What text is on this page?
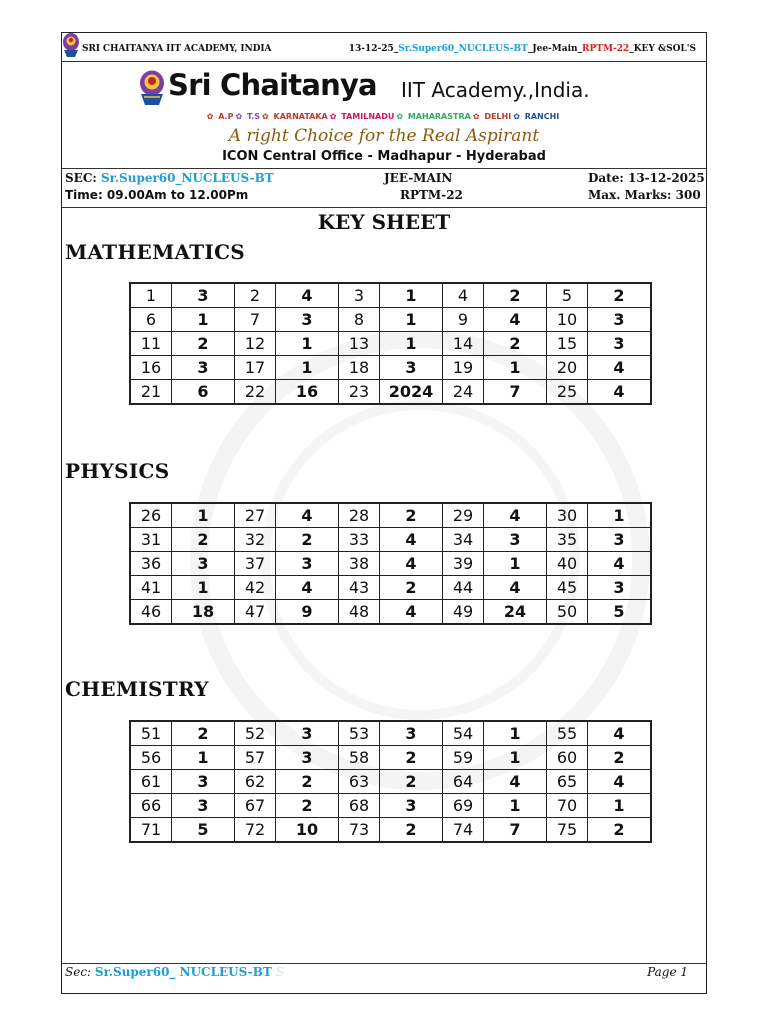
SRI CHAITANYA IIT ACADEMY, INDIA	13-12-25_Sr.Super60_NUCLEUS-BT_Jee-Main_RPTM-22_KEY &SOL'S
Sri Chaitanya IIT Academy.,India.
✿ A.P ✿ T.S ✿ KARNATAKA ✿ TAMILNADU ✿ MAHARASTRA ✿ DELHI ✿ RANCHI
A right Choice for the Real Aspirant
ICON Central Office - Madhapur - Hyderabad
SEC: Sr.Super60_NUCLEUS-BT
Time: 09.00Am to 12.00Pm
JEE-MAIN
RPTM-22
Date: 13-12-2025
Max. Marks: 300
KEY SHEET
MATHEMATICS
1	3	2	4	3	1	4	2	5	2
6	1	7	3	8	1	9	4	10	3
11	2	12	1	13	1	14	2	15	3
16	3	17	1	18	3	19	1	20	4
21	6	22	16	23	2024	24	7	25	4
PHYSICS
26	1	27	4	28	2	29	4	30	1
31	2	32	2	33	4	34	3	35	3
36	3	37	3	38	4	39	1	40	4
41	1	42	4	43	2	44	4	45	3
46	18	47	9	48	4	49	24	50	5
CHEMISTRY
51	2	52	3	53	3	54	1	55	4
56	1	57	3	58	2	59	1	60	2
61	3	62	2	63	2	64	4	65	4
66	3	67	2	68	3	69	1	70	1
71	5	72	10	73	2	74	7	75	2
Sec: Sr.Super60_ NUCLEUS-BT S	Page 1
